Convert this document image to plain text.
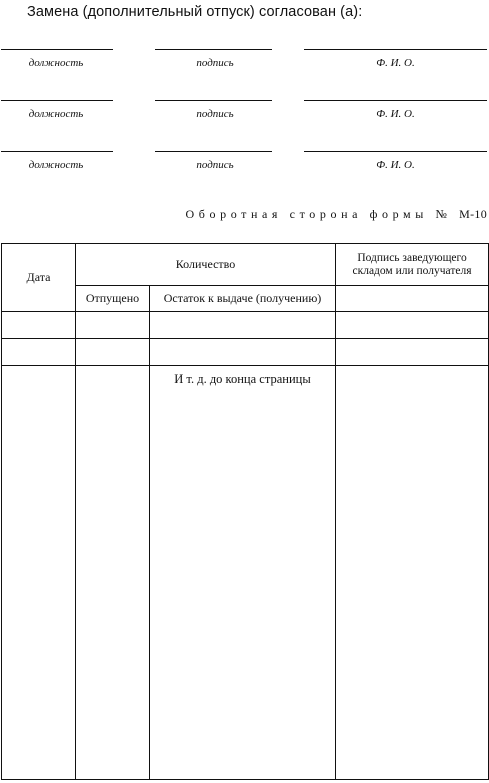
Замена (дополнительный отпуск) согласован (а):
должность	подпись	Ф. И. О.
должность	подпись	Ф. И. О.
должность	подпись	Ф. И. О.
Оборотная сторона формы № М-10
Дата	Количество		Подпись заведующего складом или получателя
	Отпущено	Остаток к выдаче (получению)	

		И т. д. до конца страницы	
